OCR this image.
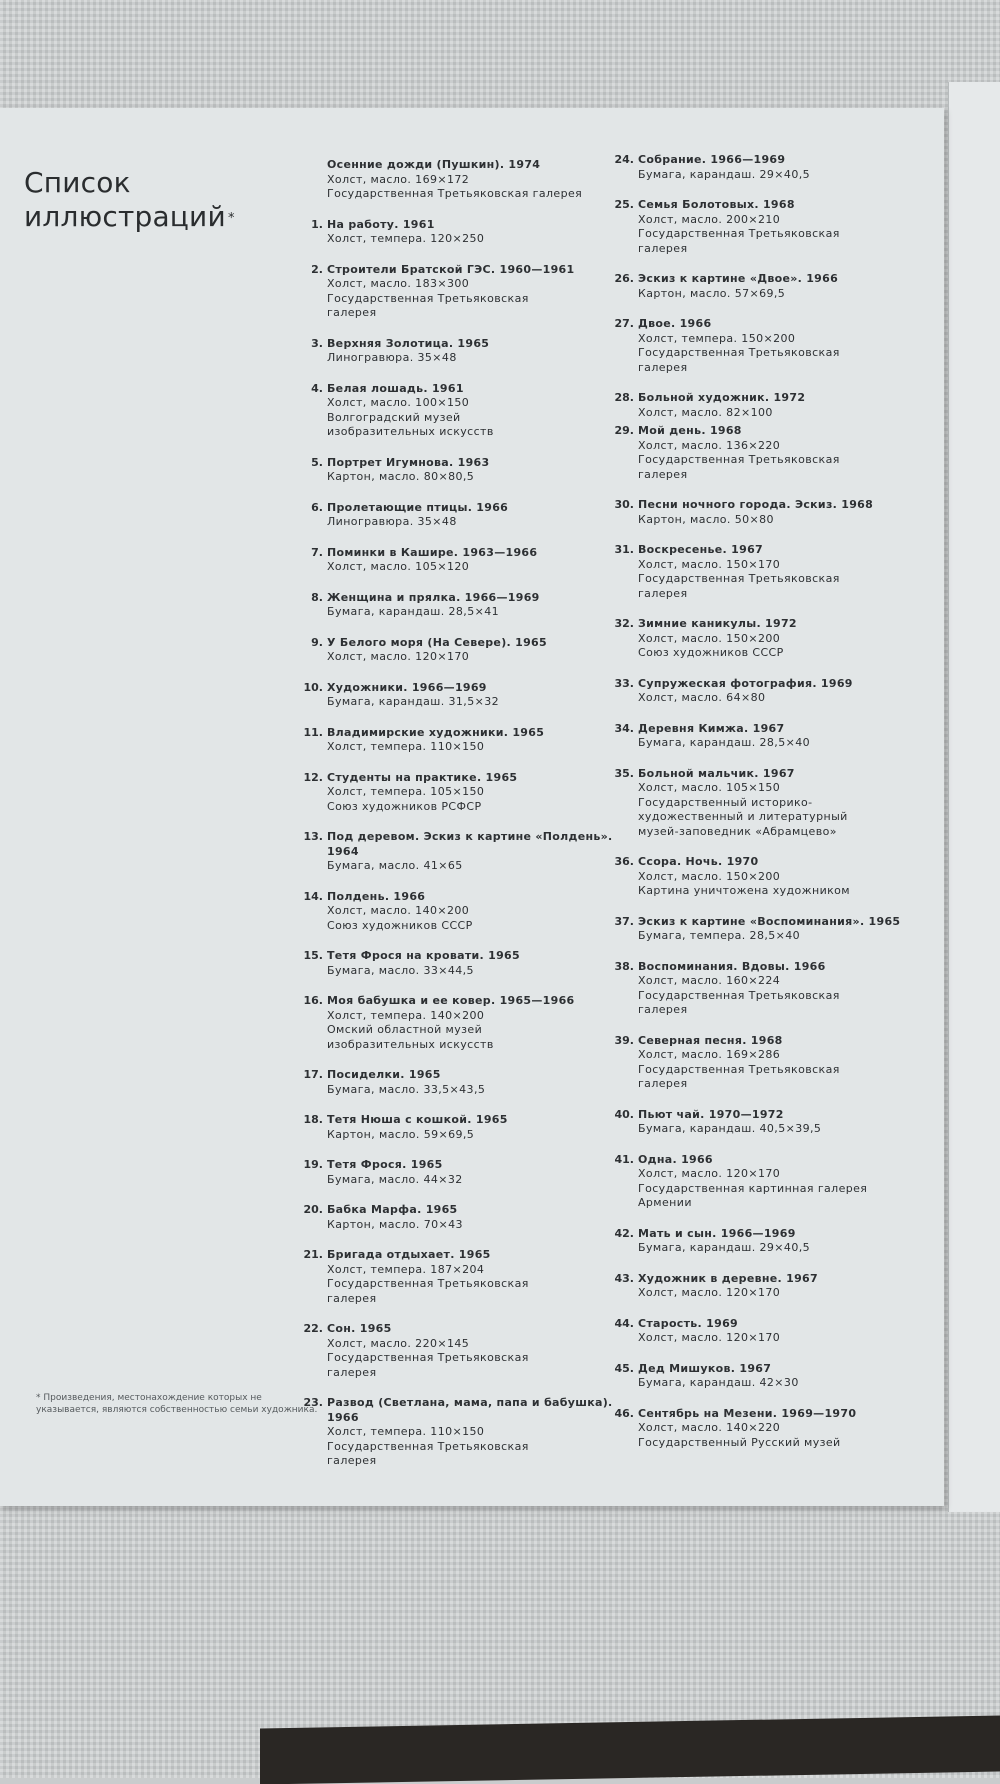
Список
иллюстраций *
Осенние дожди (Пушкин). 1974
Холст, масло. 169×172
Государственная Третьяковская галерея
1. На работу. 1961
Холст, темпера. 120×250
2. Строители Братской ГЭС. 1960—1961
Холст, масло. 183×300
Государственная Третьяковская
галерея
3. Верхняя Золотица. 1965
Линогравюра. 35×48
4. Белая лошадь. 1961
Холст, масло. 100×150
Волгоградский музей
изобразительных искусств
5. Портрет Игумнова. 1963
Картон, масло. 80×80,5
6. Пролетающие птицы. 1966
Линогравюра. 35×48
7. Поминки в Кашире. 1963—1966
Холст, масло. 105×120
8. Женщина и прялка. 1966—1969
Бумага, карандаш. 28,5×41
9. У Белого моря (На Севере). 1965
Холст, масло. 120×170
10. Художники. 1966—1969
Бумага, карандаш. 31,5×32
11. Владимирские художники. 1965
Холст, темпера. 110×150
12. Студенты на практике. 1965
Холст, темпера. 105×150
Союз художников РСФСР
13. Под деревом. Эскиз к картине «Полдень». 1964
Бумага, масло. 41×65
14. Полдень. 1966
Холст, масло. 140×200
Союз художников СССР
15. Тетя Фрося на кровати. 1965
Бумага, масло. 33×44,5
16. Моя бабушка и ее ковер. 1965—1966
Холст, темпера. 140×200
Омский областной музей
изобразительных искусств
17. Посиделки. 1965
Бумага, масло. 33,5×43,5
18. Тетя Нюша с кошкой. 1965
Картон, масло. 59×69,5
19. Тетя Фрося. 1965
Бумага, масло. 44×32
20. Бабка Марфа. 1965
Картон, масло. 70×43
21. Бригада отдыхает. 1965
Холст, темпера. 187×204
Государственная Третьяковская
галерея
22. Сон. 1965
Холст, масло. 220×145
Государственная Третьяковская
галерея
23. Развод (Светлана, мама, папа и бабушка). 1966
Холст, темпера. 110×150
Государственная Третьяковская
галерея
24. Собрание. 1966—1969
Бумага, карандаш. 29×40,5
25. Семья Болотовых. 1968
Холст, масло. 200×210
Государственная Третьяковская
галерея
26. Эскиз к картине «Двое». 1966
Картон, масло. 57×69,5
27. Двое. 1966
Холст, темпера. 150×200
Государственная Третьяковская
галерея
28. Больной художник. 1972
Холст, масло. 82×100
29. Мой день. 1968
Холст, масло. 136×220
Государственная Третьяковская
галерея
30. Песни ночного города. Эскиз. 1968
Картон, масло. 50×80
31. Воскресенье. 1967
Холст, масло. 150×170
Государственная Третьяковская
галерея
32. Зимние каникулы. 1972
Холст, масло. 150×200
Союз художников СССР
33. Супружеская фотография. 1969
Холст, масло. 64×80
34. Деревня Кимжа. 1967
Бумага, карандаш. 28,5×40
35. Больной мальчик. 1967
Холст, масло. 105×150
Государственный историко-
художественный и литературный
музей-заповедник «Абрамцево»
36. Ссора. Ночь. 1970
Холст, масло. 150×200
Картина уничтожена художником
37. Эскиз к картине «Воспоминания». 1965
Бумага, темпера. 28,5×40
38. Воспоминания. Вдовы. 1966
Холст, масло. 160×224
Государственная Третьяковская
галерея
39. Северная песня. 1968
Холст, масло. 169×286
Государственная Третьяковская
галерея
40. Пьют чай. 1970—1972
Бумага, карандаш. 40,5×39,5
41. Одна. 1966
Холст, масло. 120×170
Государственная картинная галерея
Армении
42. Мать и сын. 1966—1969
Бумага, карандаш. 29×40,5
43. Художник в деревне. 1967
Холст, масло. 120×170
44. Старость. 1969
Холст, масло. 120×170
45. Дед Мишуков. 1967
Бумага, карандаш. 42×30
46. Сентябрь на Мезени. 1969—1970
Холст, масло. 140×220
Государственный Русский музей
* Произведения, местонахождение которых не указывается, являются собственностью семьи художника.
